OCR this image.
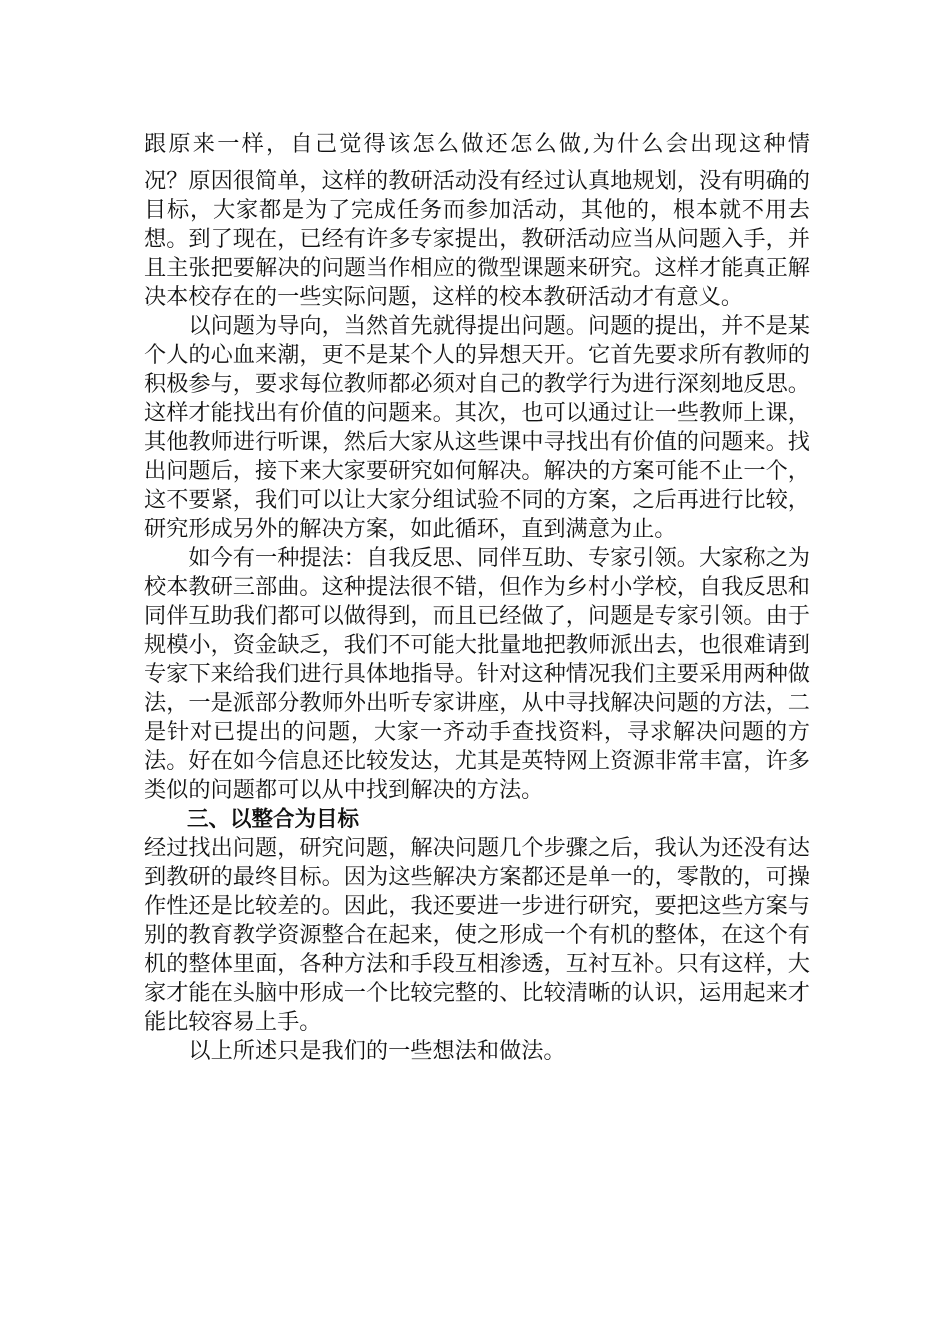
跟原来一样，自己觉得该怎么做还怎么做,为什么会出现这种情

况？原因很简单，这样的教研活动没有经过认真地规划，没有明确的目标，大家都是为了完成任务而参加活动，其他的，根本就不用去想。到了现在，已经有许多专家提出，教研活动应当从问题入手，并且主张把要解决的问题当作相应的微型课题来研究。这样才能真正解决本校存在的一些实际问题，这样的校本教研活动才有意义。

以问题为导向，当然首先就得提出问题。问题的提出，并不是某个人的心血来潮，更不是某个人的异想天开。它首先要求所有教师的积极参与，要求每位教师都必须对自己的教学行为进行深刻地反思。这样才能找出有价值的问题来。其次，也可以通过让一些教师上课，其他教师进行听课，然后大家从这些课中寻找出有价值的问题来。找出问题后，接下来大家要研究如何解决。解决的方案可能不止一个，这不要紧，我们可以让大家分组试验不同的方案，之后再进行比较，研究形成另外的解决方案，如此循环，直到满意为止。

如今有一种提法：自我反思、同伴互助、专家引领。大家称之为校本教研三部曲。这种提法很不错，但作为乡村小学校，自我反思和同伴互助我们都可以做得到，而且已经做了，问题是专家引领。由于规模小，资金缺乏，我们不可能大批量地把教师派出去，也很难请到专家下来给我们进行具体地指导。针对这种情况我们主要采用两种做法，一是派部分教师外出听专家讲座，从中寻找解决问题的方法，二是针对已提出的问题，大家一齐动手查找资料，寻求解决问题的方法。好在如今信息还比较发达，尤其是英特网上资源非常丰富，许多类似的问题都可以从中找到解决的方法。

三、以整合为目标

经过找出问题，研究问题，解决问题几个步骤之后，我认为还没有达到教研的最终目标。因为这些解决方案都还是单一的，零散的，可操作性还是比较差的。因此，我还要进一步进行研究，要把这些方案与别的教育教学资源整合在起来，使之形成一个有机的整体，在这个有机的整体里面，各种方法和手段互相渗透，互衬互补。只有这样，大家才能在头脑中形成一个比较完整的、比较清晰的认识，运用起来才能比较容易上手。

以上所述只是我们的一些想法和做法。
